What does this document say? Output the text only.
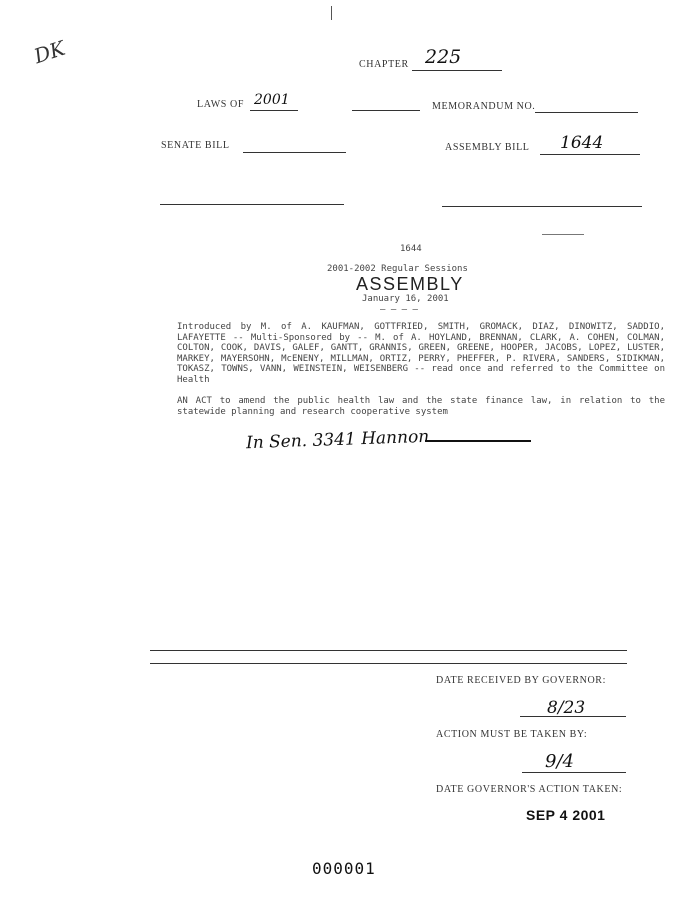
DK	CHAPTER 225
LAWS OF 2001	MEMORANDUM NO.
SENATE BILL	ASSEMBLY BILL 1644
1644
2001-2002 Regular Sessions
ASSEMBLY
January 16, 2001
— — — —
Introduced by M. of A. KAUFMAN, GOTTFRIED, SMITH, GROMACK, DIAZ, DINOWITZ, SADDIO, LAFAYETTE -- Multi-Sponsored by -- M. of A. HOYLAND, BRENNAN, CLARK, A. COHEN, COLMAN, COLTON, COOK, DAVIS, GALEF, GANTT, GRANNIS, GREEN, GREENE, HOOPER, JACOBS, LOPEZ, LUSTER, MARKEY, MAYERSOHN, McENENY, MILLMAN, ORTIZ, PERRY, PHEFFER, P. RIVERA, SANDERS, SIDIKMAN, TOKASZ, TOWNS, VANN, WEINSTEIN, WEISENBERG -- read once and referred to the Committee on Health
AN ACT to amend the public health law and the state finance law, in relation to the statewide planning and research cooperative system
In Sen. 3341 Hannon
DATE RECEIVED BY GOVERNOR:
8/23
ACTION MUST BE TAKEN BY:
9/4
DATE GOVERNOR'S ACTION TAKEN:
SEP 4 2001
000001
